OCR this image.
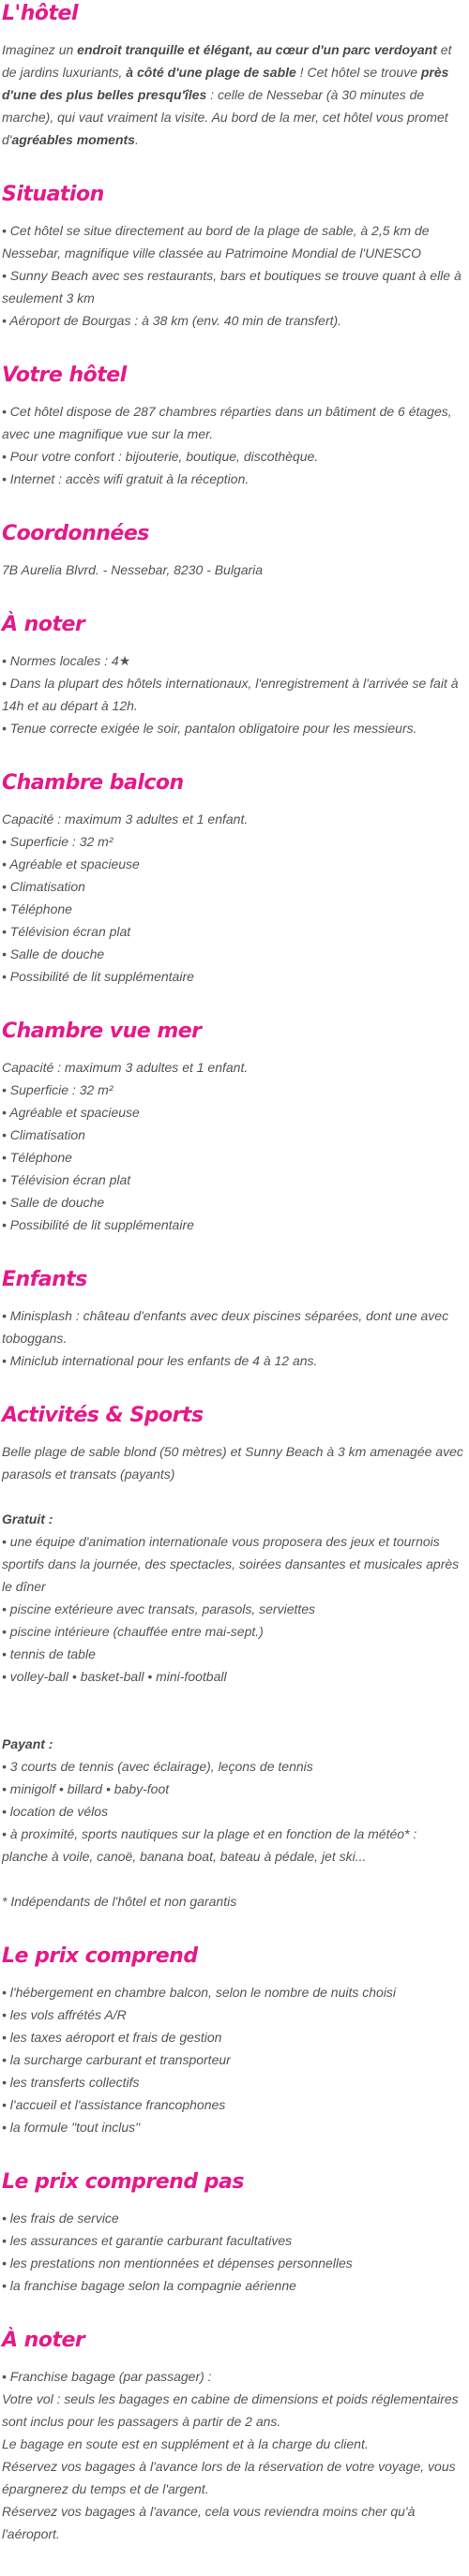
L'hôtel

Imaginez un endroit tranquille et élégant, au cœur d'un parc verdoyant et de jardins luxuriants, à côté d'une plage de sable ! Cet hôtel se trouve près d'une des plus belles presqu'îles : celle de Nessebar (à 30 minutes de marche), qui vaut vraiment la visite. Au bord de la mer, cet hôtel vous promet d'agréables moments.

Situation
• Cet hôtel se situe directement au bord de la plage de sable, à 2,5 km de Nessebar, magnifique ville classée au Patrimoine Mondial de l'UNESCO
• Sunny Beach avec ses restaurants, bars et boutiques se trouve quant à elle à seulement 3 km
• Aéroport de Bourgas : à 38 km (env. 40 min de transfert).
Votre hôtel
• Cet hôtel dispose de 287 chambres réparties dans un bâtiment de 6 étages, avec une magnifique vue sur la mer.
• Pour votre confort : bijouterie, boutique, discothèque.
• Internet : accès wifi gratuit à la réception.
Coordonnées
7B Aurelia Blvrd. - Nessebar, 8230 - Bulgaria
À noter
• Normes locales : 4★
• Dans la plupart des hôtels internationaux, l'enregistrement à l'arrivée se fait à 14h et au départ à 12h.
• Tenue correcte exigée le soir, pantalon obligatoire pour les messieurs.
Chambre balcon
Capacité : maximum 3 adultes et 1 enfant.
• Superficie : 32 m²
• Agréable et spacieuse
• Climatisation
• Téléphone
• Télévision écran plat
• Salle de douche
• Possibilité de lit supplémentaire
Chambre vue mer
Capacité : maximum 3 adultes et 1 enfant.
• Superficie : 32 m²
• Agréable et spacieuse
• Climatisation
• Téléphone
• Télévision écran plat
• Salle de douche
• Possibilité de lit supplémentaire
Enfants
• Minisplash : château d'enfants avec deux piscines séparées, dont une avec toboggans.
• Miniclub international pour les enfants de 4 à 12 ans.
Activités & Sports
Belle plage de sable blond (50 mètres) et Sunny Beach à 3 km amenagée avec parasols et transats (payants)
Gratuit :
• une équipe d'animation internationale vous proposera des jeux et tournois sportifs dans la journée, des spectacles, soirées dansantes et musicales après le dîner
• piscine extérieure avec transats, parasols, serviettes
• piscine intérieure (chauffée entre mai-sept.)
• tennis de table
• volley-ball • basket-ball • mini-football
Payant :
• 3 courts de tennis (avec éclairage), leçons de tennis
• minigolf • billard • baby-foot
• location de vélos
• à proximité, sports nautiques sur la plage et en fonction de la météo* : planche à voile, canoë, banana boat, bateau à pédale, jet ski...
* Indépendants de l'hôtel et non garantis
Le prix comprend
• l'hébergement en chambre balcon, selon le nombre de nuits choisi
• les vols affrétés A/R
• les taxes aéroport et frais de gestion
• la surcharge carburant et transporteur
• les transferts collectifs
• l'accueil et l'assistance francophones
• la formule "tout inclus"
Le prix comprend pas
• les frais de service
• les assurances et garantie carburant facultatives
• les prestations non mentionnées et dépenses personnelles
• la franchise bagage selon la compagnie aérienne
À noter
• Franchise bagage (par passager) :
Votre vol : seuls les bagages en cabine de dimensions et poids réglementaires sont inclus pour les passagers à partir de 2 ans.
Le bagage en soute est en supplément et à la charge du client.
Réservez vos bagages à l'avance lors de la réservation de votre voyage, vous épargnerez du temps et de l'argent.
Réservez vos bagages à l'avance, cela vous reviendra moins cher qu'à l'aéroport.
